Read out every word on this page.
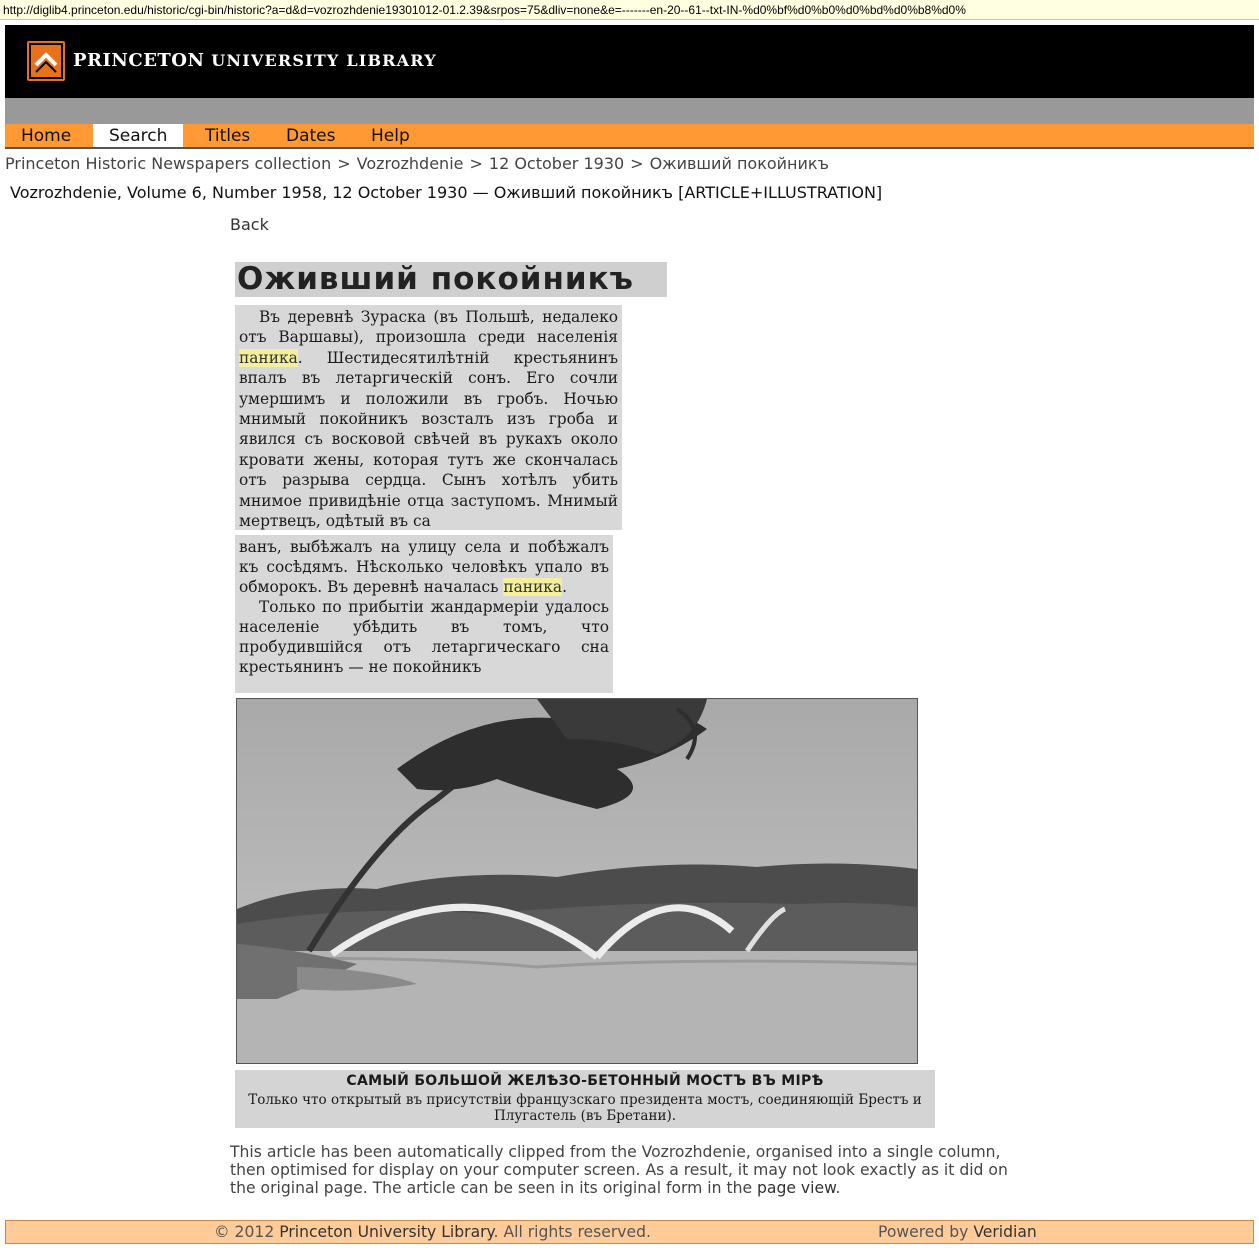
http://diglib4.princeton.edu/historic/cgi-bin/historic?a=d&d=vozrozhdenie19301012-01.2.39&srpos=75&dliv=none&e=-------en-20--61--txt-IN-%d0%bf%d0%b0%d0%bd%d0%b8%d0%
PRINCETON UNIVERSITY LIBRARY
Home	Search	Titles	Dates	Help
Princeton Historic Newspapers collection > Vozrozhdenie > 12 October 1930 > Оживший покойникъ
Vozrozhdenie, Volume 6, Number 1958, 12 October 1930 — Оживший покойникъ [ARTICLE+ILLUSTRATION]
Back
Оживший покойникъ

Въ деревнѣ Зураска (въ Польшѣ, недалеко отъ Варшавы), произошла среди населенія паника. Шестидесятилѣтній крестьянинъ впалъ въ летаргическій сонъ. Его сочли умершимъ и положили въ гробъ. Ночью мнимый покойникъ возсталъ изъ гроба и явился съ восковой свѣчей въ рукахъ около кровати жены, которая тутъ же скончалась отъ разрыва сердца. Сынъ хотѣлъ убить мнимое привидѣніе отца заступомъ. Мнимый мертвецъ, одѣтый въ са

ванъ, выбѣжалъ на улицу села и побѣжалъ къ сосѣдямъ. Нѣсколько человѣкъ упало въ обморокъ. Въ деревнѣ началась паника.

Только по прибытіи жандармеріи удалось населеніе убѣдить въ томъ, что пробудившійся отъ летаргическаго сна крестьянинъ — не покойникъ

САМЫЙ БОЛЬШОЙ ЖЕЛѢЗО-БЕТОННЫЙ МОСТЪ ВЪ МІРѢ
Только что открытый въ присутствіи французскаго президента мостъ, соединяющій Брестъ и Плугастель (въ Бретани).
This article has been automatically clipped from the Vozrozhdenie, organised into a single column, then optimised for display on your computer screen. As a result, it may not look exactly as it did on the original page. The article can be seen in its original form in the page view.
© 2012 Princeton University Library. All rights reserved.	Powered by Veridian
